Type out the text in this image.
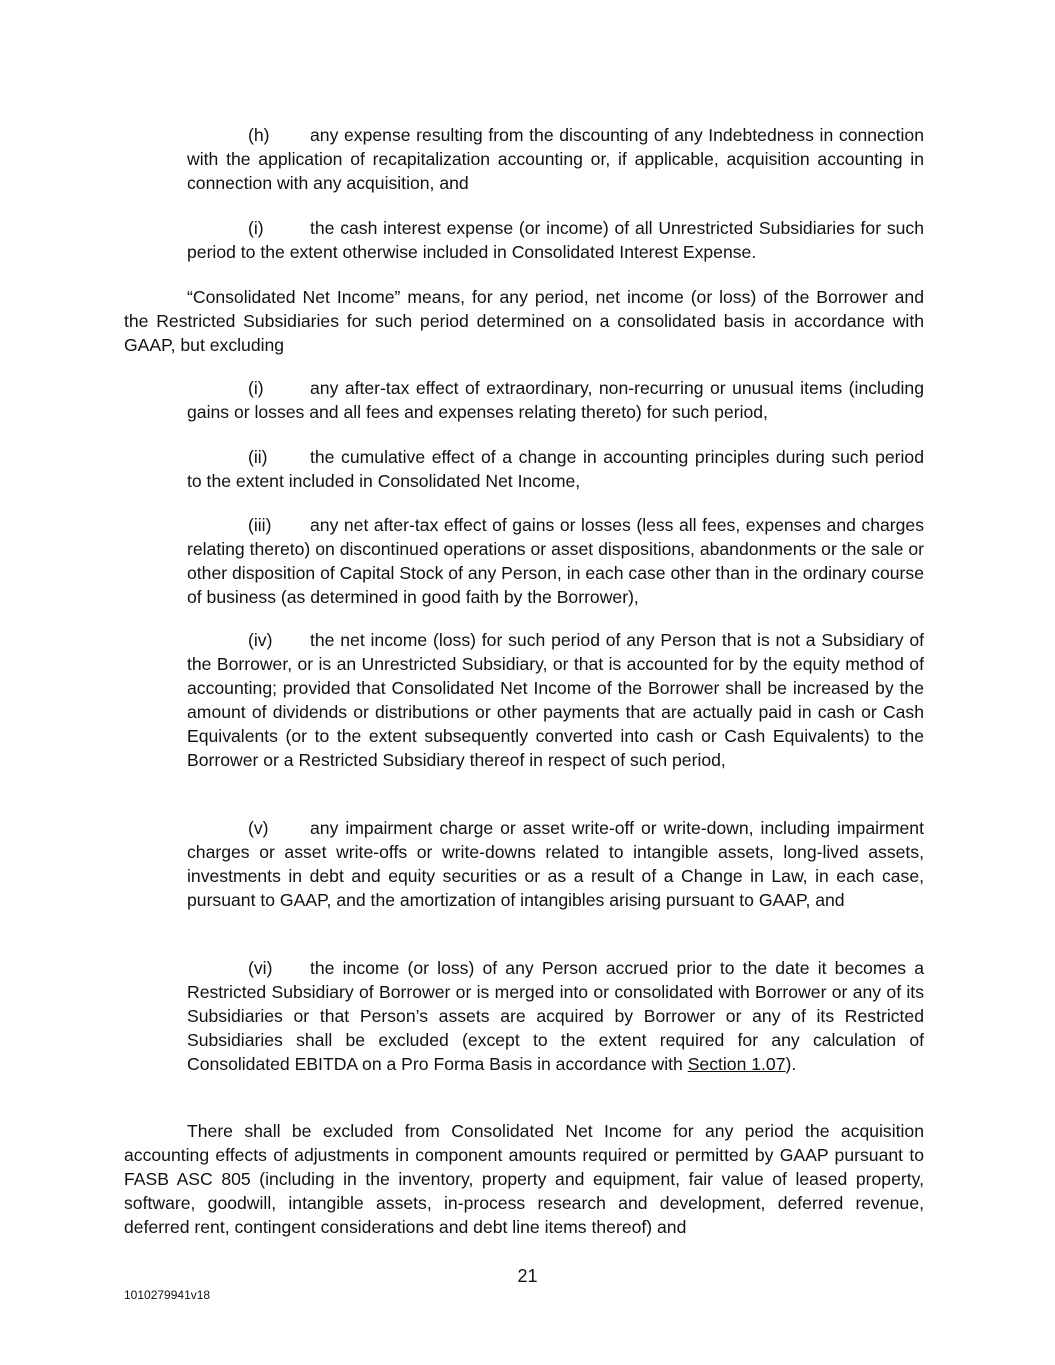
(h) any expense resulting from the discounting of any Indebtedness in connection with the application of recapitalization accounting or, if applicable, acquisition accounting in connection with any acquisition, and

(i)	the cash interest expense (or income) of all Unrestricted Subsidiaries for such period to the extent otherwise included in Consolidated Interest Expense.

“Consolidated Net Income” means, for any period, net income (or loss) of the Borrower and the Restricted Subsidiaries for such period determined on a consolidated basis in accordance with GAAP, but excluding

(i)	any after-tax effect of extraordinary, non-recurring or unusual items (including gains or losses and all fees and expenses relating thereto) for such period,

(ii) the cumulative effect of a change in accounting principles during such period to the extent included in Consolidated Net Income,

(iii) any net after-tax effect of gains or losses (less all fees, expenses and charges relating thereto) on discontinued operations or asset dispositions, abandonments or the sale or other disposition of Capital Stock of any Person, in each case other than in the ordinary course of business (as determined in good faith by the Borrower),

(iv) the net income (loss) for such period of any Person that is not a Subsidiary of the Borrower, or is an Unrestricted Subsidiary, or that is accounted for by the equity method of accounting; provided that Consolidated Net Income of the Borrower shall be increased by the amount of dividends or distributions or other payments that are actually paid in cash or Cash Equivalents (or to the extent subsequently converted into cash or Cash Equivalents) to the Borrower or a Restricted Subsidiary thereof in respect of such period,

(v) any impairment charge or asset write-off or write-down, including impairment charges or asset write-offs or write-downs related to intangible assets, long-lived assets, investments in debt and equity securities or as a result of a Change in Law, in each case, pursuant to GAAP, and the amortization of intangibles arising pursuant to GAAP, and

(vi) the income (or loss) of any Person accrued prior to the date it becomes a Restricted Subsidiary of Borrower or is merged into or consolidated with Borrower or any of its Subsidiaries or that Person’s assets are acquired by Borrower or any of its Restricted Subsidiaries shall be excluded (except to the extent required for any calculation of Consolidated EBITDA on a Pro Forma Basis in accordance with Section 1.07).

There shall be excluded from Consolidated Net Income for any period the acquisition accounting effects of adjustments in component amounts required or permitted by GAAP pursuant to FASB ASC 805 (including in the inventory, property and equipment, fair value of leased property, software, goodwill, intangible assets, in-process research and development, deferred revenue, deferred rent, contingent considerations and debt line items thereof) and

21

1010279941v18
